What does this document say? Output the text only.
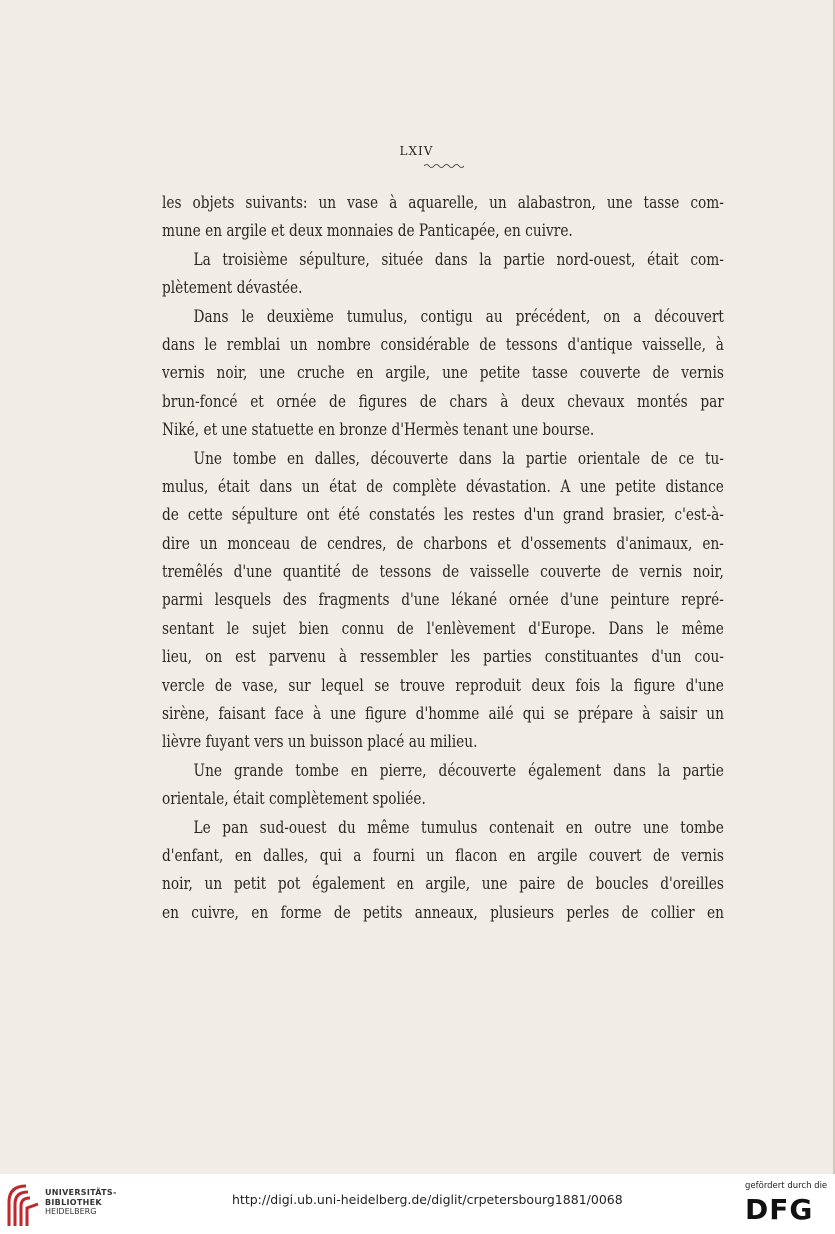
LXIV
les objets suivants: un vase à aquarelle, un alabastron, une tasse com-
mune en argile et deux monnaies de Panticapée, en cuivre.
La troisième sépulture, située dans la partie nord-ouest, était com-
plètement dévastée.
Dans le deuxième tumulus, contigu au précédent, on a découvert
dans le remblai un nombre considérable de tessons d'antique vaisselle, à
vernis noir, une cruche en argile, une petite tasse couverte de vernis
brun-foncé et ornée de figures de chars à deux chevaux montés par
Niké, et une statuette en bronze d'Hermès tenant une bourse.
Une tombe en dalles, découverte dans la partie orientale de ce tu-
mulus, était dans un état de complète dévastation. A une petite distance
de cette sépulture ont été constatés les restes d'un grand brasier, c'est-à-
dire un monceau de cendres, de charbons et d'ossements d'animaux, en-
tremêlés d'une quantité de tessons de vaisselle couverte de vernis noir,
parmi lesquels des fragments d'une lékané ornée d'une peinture repré-
sentant le sujet bien connu de l'enlèvement d'Europe. Dans le même
lieu, on est parvenu à ressembler les parties constituantes d'un cou-
vercle de vase, sur lequel se trouve reproduit deux fois la figure d'une
sirène, faisant face à une figure d'homme ailé qui se prépare à saisir un
lièvre fuyant vers un buisson placé au milieu.
Une grande tombe en pierre, découverte également dans la partie
orientale, était complètement spoliée.
Le pan sud-ouest du même tumulus contenait en outre une tombe
d'enfant, en dalles, qui a fourni un flacon en argile couvert de vernis
noir, un petit pot également en argile, une paire de boucles d'oreilles
en cuivre, en forme de petits anneaux, plusieurs perles de collier en
UNIVERSITÄTS-
BIBLIOTHEK
HEIDELBERG
http://digi.ub.uni-heidelberg.de/diglit/crpetersbourg1881/0068
gefördert durch die
DFG
